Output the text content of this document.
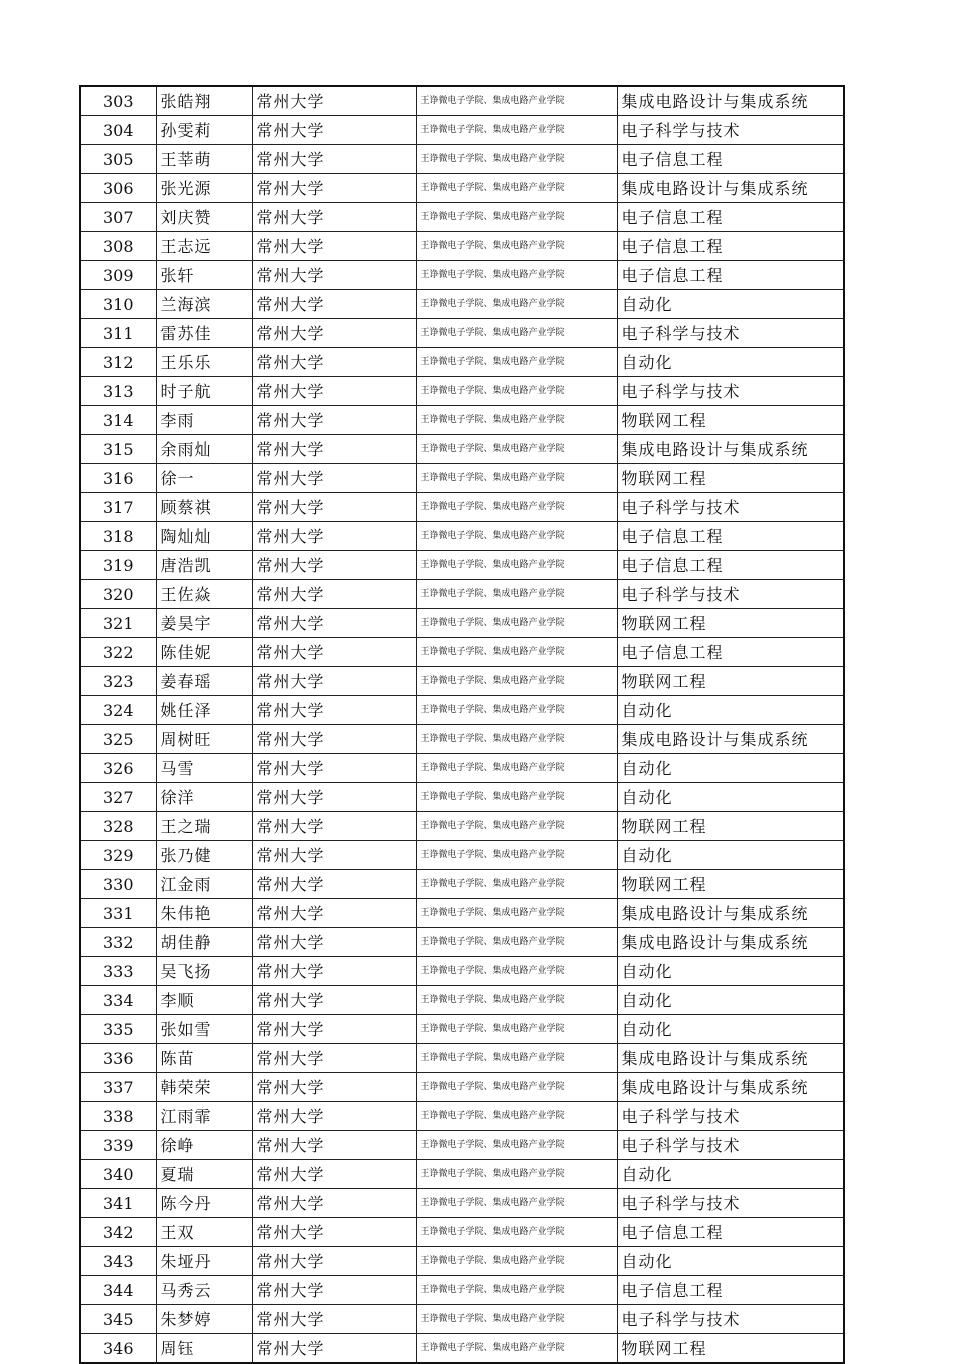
303	张皓翔	常州大学	王诤微电子学院、集成电路产业学院	集成电路设计与集成系统
304	孙雯莉	常州大学	王诤微电子学院、集成电路产业学院	电子科学与技术
305	王莘萌	常州大学	王诤微电子学院、集成电路产业学院	电子信息工程
306	张光源	常州大学	王诤微电子学院、集成电路产业学院	集成电路设计与集成系统
307	刘庆赞	常州大学	王诤微电子学院、集成电路产业学院	电子信息工程
308	王志远	常州大学	王诤微电子学院、集成电路产业学院	电子信息工程
309	张轩	常州大学	王诤微电子学院、集成电路产业学院	电子信息工程
310	兰海滨	常州大学	王诤微电子学院、集成电路产业学院	自动化
311	雷苏佳	常州大学	王诤微电子学院、集成电路产业学院	电子科学与技术
312	王乐乐	常州大学	王诤微电子学院、集成电路产业学院	自动化
313	时子航	常州大学	王诤微电子学院、集成电路产业学院	电子科学与技术
314	李雨	常州大学	王诤微电子学院、集成电路产业学院	物联网工程
315	余雨灿	常州大学	王诤微电子学院、集成电路产业学院	集成电路设计与集成系统
316	徐一	常州大学	王诤微电子学院、集成电路产业学院	物联网工程
317	顾蔡祺	常州大学	王诤微电子学院、集成电路产业学院	电子科学与技术
318	陶灿灿	常州大学	王诤微电子学院、集成电路产业学院	电子信息工程
319	唐浩凯	常州大学	王诤微电子学院、集成电路产业学院	电子信息工程
320	王佐焱	常州大学	王诤微电子学院、集成电路产业学院	电子科学与技术
321	姜昊宇	常州大学	王诤微电子学院、集成电路产业学院	物联网工程
322	陈佳妮	常州大学	王诤微电子学院、集成电路产业学院	电子信息工程
323	姜春瑶	常州大学	王诤微电子学院、集成电路产业学院	物联网工程
324	姚任泽	常州大学	王诤微电子学院、集成电路产业学院	自动化
325	周树旺	常州大学	王诤微电子学院、集成电路产业学院	集成电路设计与集成系统
326	马雪	常州大学	王诤微电子学院、集成电路产业学院	自动化
327	徐洋	常州大学	王诤微电子学院、集成电路产业学院	自动化
328	王之瑞	常州大学	王诤微电子学院、集成电路产业学院	物联网工程
329	张乃健	常州大学	王诤微电子学院、集成电路产业学院	自动化
330	江金雨	常州大学	王诤微电子学院、集成电路产业学院	物联网工程
331	朱伟艳	常州大学	王诤微电子学院、集成电路产业学院	集成电路设计与集成系统
332	胡佳静	常州大学	王诤微电子学院、集成电路产业学院	集成电路设计与集成系统
333	吴飞扬	常州大学	王诤微电子学院、集成电路产业学院	自动化
334	李顺	常州大学	王诤微电子学院、集成电路产业学院	自动化
335	张如雪	常州大学	王诤微电子学院、集成电路产业学院	自动化
336	陈苗	常州大学	王诤微电子学院、集成电路产业学院	集成电路设计与集成系统
337	韩荣荣	常州大学	王诤微电子学院、集成电路产业学院	集成电路设计与集成系统
338	江雨霏	常州大学	王诤微电子学院、集成电路产业学院	电子科学与技术
339	徐峥	常州大学	王诤微电子学院、集成电路产业学院	电子科学与技术
340	夏瑞	常州大学	王诤微电子学院、集成电路产业学院	自动化
341	陈今丹	常州大学	王诤微电子学院、集成电路产业学院	电子科学与技术
342	王双	常州大学	王诤微电子学院、集成电路产业学院	电子信息工程
343	朱垭丹	常州大学	王诤微电子学院、集成电路产业学院	自动化
344	马秀云	常州大学	王诤微电子学院、集成电路产业学院	电子信息工程
345	朱梦婷	常州大学	王诤微电子学院、集成电路产业学院	电子科学与技术
346	周钰	常州大学	王诤微电子学院、集成电路产业学院	物联网工程
